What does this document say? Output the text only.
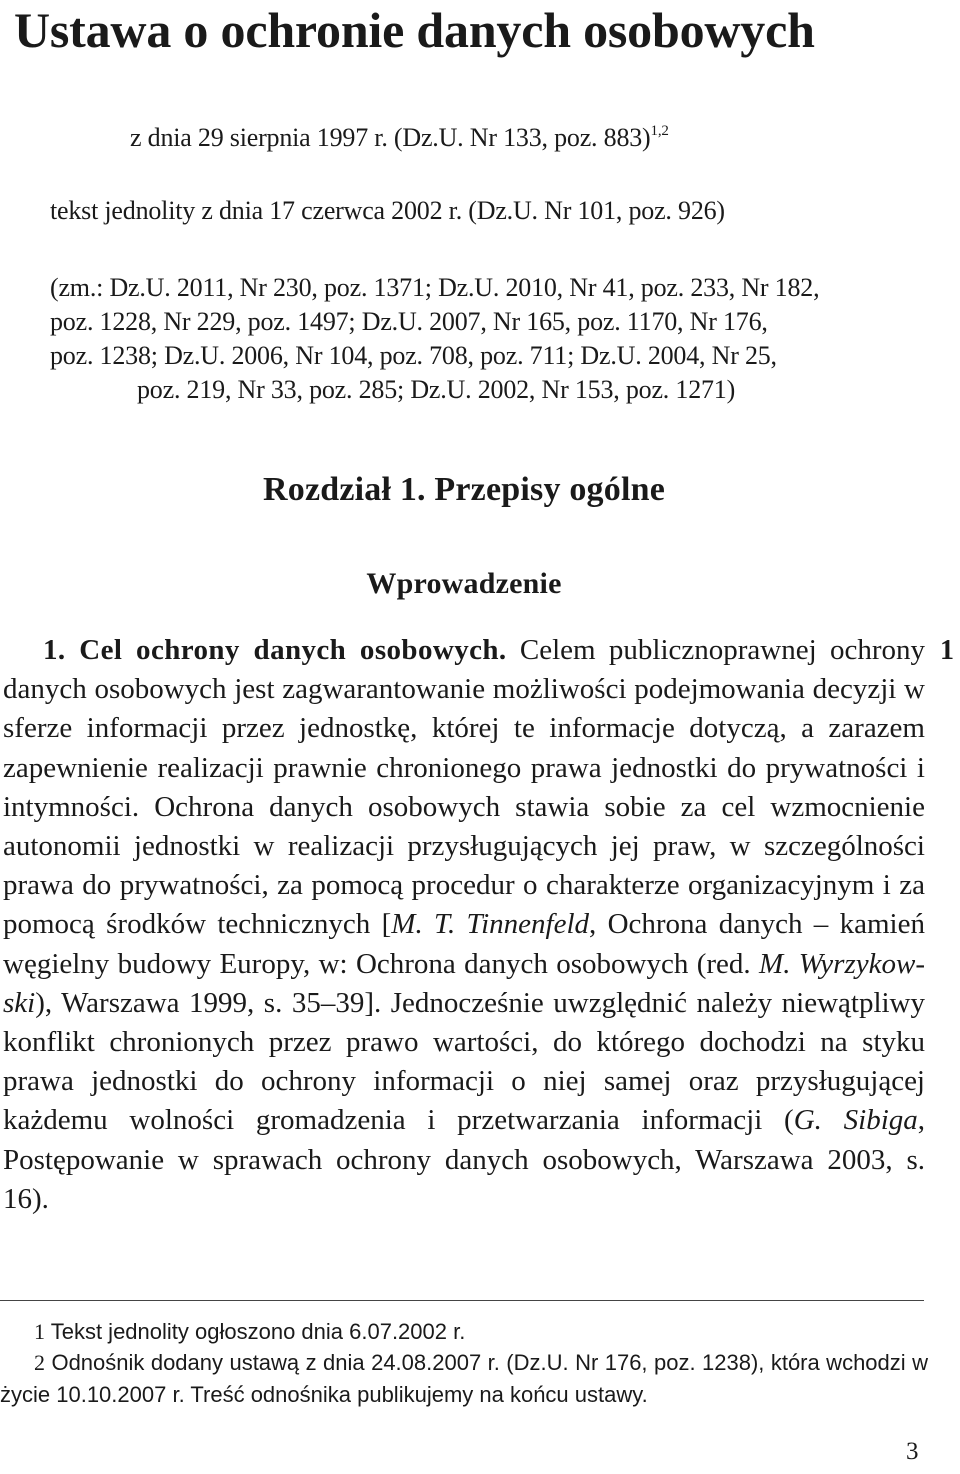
Ustawa o ochronie danych osobowych
z dnia 29 sierpnia 1997 r. (Dz.U. Nr 133, poz. 883)$^{1,2}$
tekst jednolity z dnia 17 czerwca 2002 r. (Dz.U. Nr 101, poz. 926)
(zm.: Dz.U. 2011, Nr 230, poz. 1371; Dz.U. 2010, Nr 41, poz. 233, Nr 182,
poz. 1228, Nr 229, poz. 1497; Dz.U. 2007, Nr 165, poz. 1170, Nr 176,
poz. 1238; Dz.U. 2006, Nr 104, poz. 708, poz. 711; Dz.U. 2004, Nr 25,
poz. 219, Nr 33, poz. 285; Dz.U. 2002, Nr 153, poz. 1271)
Rozdział 1. Przepisy ogólne
Wprowadzenie
1

1. Cel ochrony danych osobowych. Celem publicznoprawnej ochrony danych osobowych jest zagwarantowanie możliwości podejmowania decyzji w sferze informacji przez jednostkę, której te informacje dotyczą, a zarazem zapewnienie realizacji prawnie chronionego prawa jednostki do prywatności i intymności. Ochrona danych osobowych stawia sobie za cel wzmocnienie autonomii jednostki w realizacji przysługujących jej praw, w szczególności prawa do prywatności, za pomocą procedur o charakterze organizacyjnym i za pomocą środków technicznych [M. T. Tinnenfeld, Ochrona danych – kamień węgielny budowy Europy, w: Ochrona danych osobowych (red. M. Wyrzykowski), Warszawa 1999, s. 35–39]. Jednocześnie uwzględnić należy niewątpliwy konflikt chronionych przez prawo wartości, do którego dochodzi na styku prawa jednostki do ochrony informacji o niej samej oraz przysługującej każdemu wolności gromadzenia i przetwarzania informacji (G. Sibiga, Postępowanie w sprawach ochrony danych osobowych, Warszawa 2003, s. 16).

1 Tekst jednolity ogłoszono dnia 6.07.2002 r.
2 Odnośnik dodany ustawą z dnia 24.08.2007 r. (Dz.U. Nr 176, poz. 1238), która wchodzi w życie 10.10.2007 r. Treść odnośnika publikujemy na końcu ustawy.
3
